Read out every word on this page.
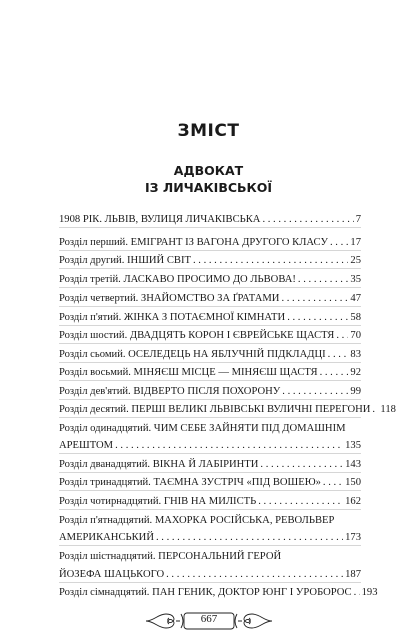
ЗМІСТ
АДВОКАТ
ІЗ ЛИЧАКІВСЬКОЇ
1908 РІК. ЛЬВІВ, ВУЛИЦЯ ЛИЧАКІВСЬКА . . .	7
Розділ перший. ЕМІГРАНТ ІЗ ВАГОНА ДРУГОГО КЛАСУ . . . 17
Розділ другий. ІНШИЙ СВІТ . . .	25
Розділ третій. ЛАСКАВО ПРОСИМО ДО ЛЬВОВА! . . .	35
Розділ четвертий. ЗНАЙОМСТВО ЗА ҐРАТАМИ . . .	47
Розділ п'ятий. ЖІНКА З ПОТАЄМНОЇ КІМНАТИ . . .	58
Розділ шостий. ДВАДЦЯТЬ КОРОН І ЄВРЕЙСЬКЕ ЩАСТЯ . . . 70
Розділ сьомий. ОСЕЛЕДЕЦЬ НА ЯБЛУЧНІЙ ПІДКЛАДЦІ . . . 83
Розділ восьмий. МІНЯЄШ МІСЦЕ — МІНЯЄШ ЩАСТЯ . . .	92
Розділ дев'ятий. ВІДВЕРТО ПІСЛЯ ПОХОРОНУ . . .	99
Розділ десятий. ПЕРШІ ВЕЛИКІ ЛЬВІВСЬКІ ВУЛИЧНІ ПЕРЕГОНИ . . . 118
Розділ одинадцятий. ЧИМ СЕБЕ ЗАЙНЯТИ ПІД ДОМАШНІМ
АРЕШТОМ . . .	135
Розділ дванадцятий. ВІКНА Й ЛАБІРИНТИ . . .	143
Розділ тринадцятий. ТАЄМНА ЗУСТРІЧ «ПІД ВОШЕЮ» . . . 150
Розділ чотирнадцятий. ГНІВ НА МИЛІСТЬ . . .	162
Розділ п'ятнадцятий. МАХОРКА РОСІЙСЬКА, РЕВОЛЬВЕР
АМЕРИКАНСЬКИЙ . . .	173
Розділ шістнадцятий. ПЕРСОНАЛЬНИЙ ГЕРОЙ
ЙОЗЕФА ШАЦЬКОГО . . .	187
Розділ сімнадцятий. ПАН ГЕНИК, ДОКТОР ЮНГ І УРОБОРОС . . . 193
667
